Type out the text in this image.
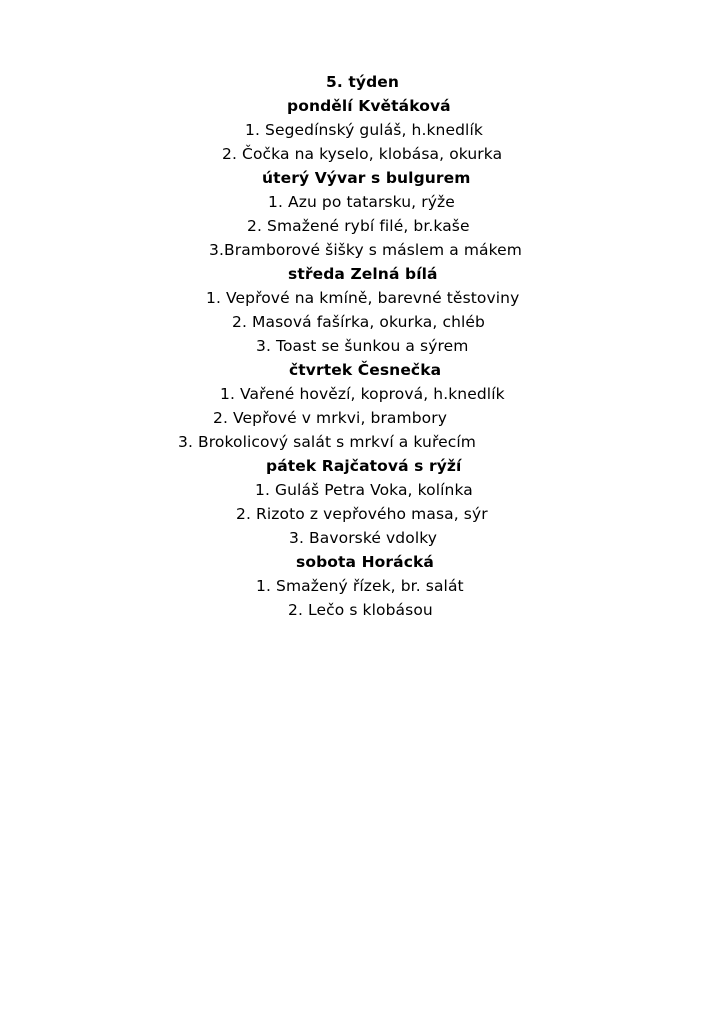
5. týden
pondělí Květáková
1. Segedínský guláš, h.knedlík
2. Čočka na kyselo, klobása, okurka
úterý Vývar s bulgurem
1. Azu po tatarsku, rýže
2. Smažené rybí filé, br.kaše
3.Bramborové šišky s máslem a mákem
středa Zelná bílá
1. Vepřové na kmíně, barevné těstoviny
2. Masová fašírka, okurka, chléb
3. Toast se šunkou a sýrem
čtvrtek Česnečka
1. Vařené hovězí, koprová, h.knedlík
2. Vepřové v mrkvi, brambory
3. Brokolicový salát s mrkví a kuřecím
pátek Rajčatová s rýží
1. Guláš Petra Voka, kolínka
2. Rizoto z vepřového masa, sýr
3. Bavorské vdolky
sobota Horácká
1. Smažený řízek, br. salát
2. Lečo s klobásou
